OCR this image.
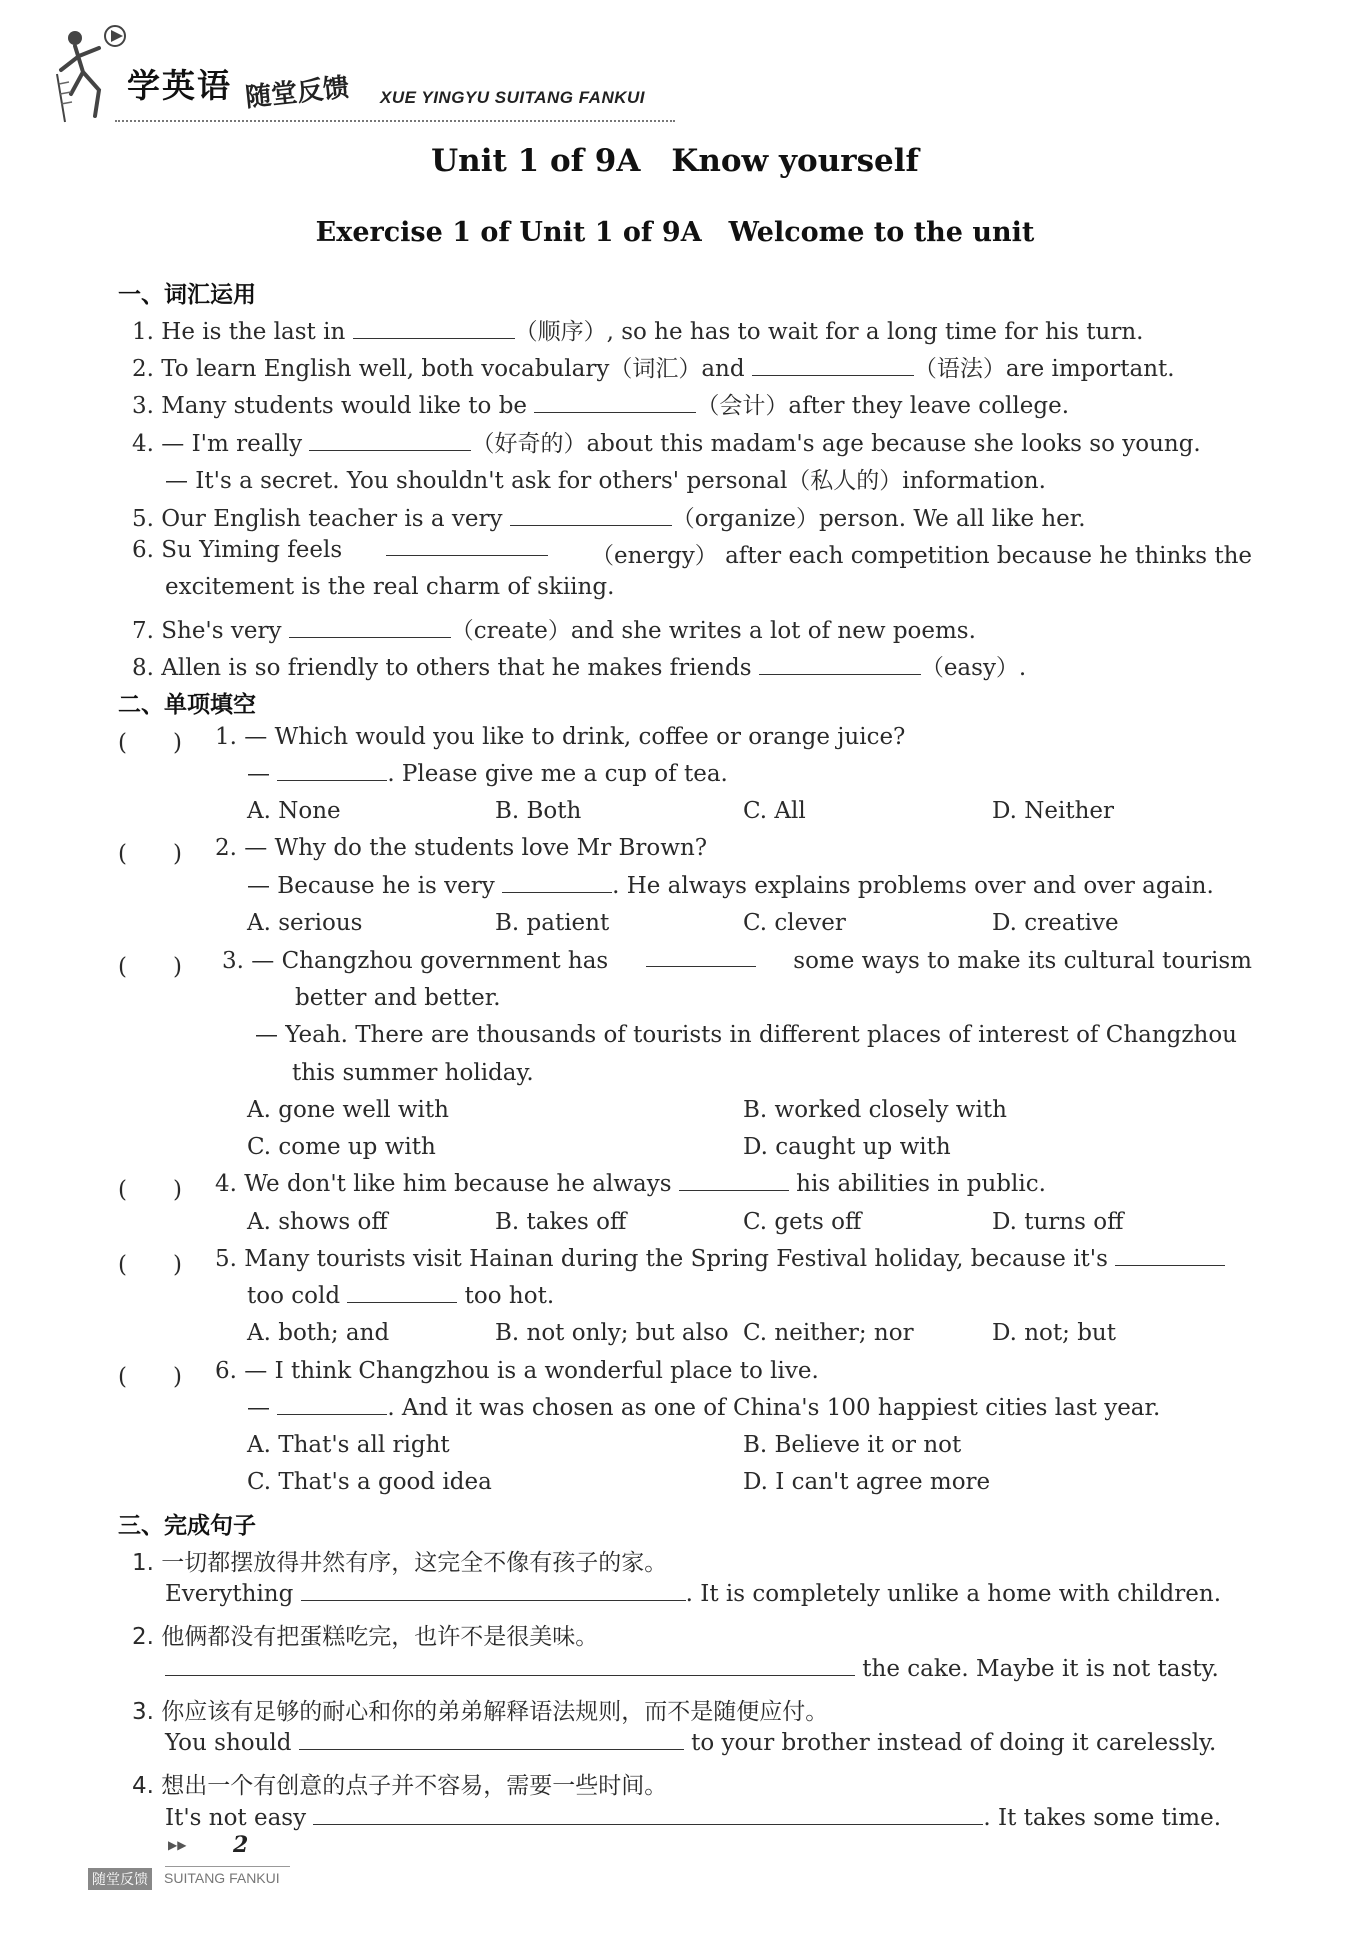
学英语 随堂反馈 XUE YINGYU SUITANG FANKUI
Unit 1 of 9A　Know yourself
Exercise 1 of Unit 1 of 9A　Welcome to the unit
一、词汇运用
1. He is the last in	（顺序）, so he has to wait for a long time for his turn.
2. To learn English well, both vocabulary（词汇）and	（语法）are important.
3. Many students would like to be	（会计）after they leave college.
4. — I'm really	（好奇的）about this madam's age because she looks so young.
— It's a secret. You shouldn't ask for others' personal（私人的）information.
5. Our English teacher is a very	（organize）person. We all like her.
6. Su Yiming feels	（energy） after each competition because he thinks the
excitement is the real charm of skiing.
7. She's very	（create）and she writes a lot of new poems.
8. Allen is so friendly to others that he makes friends	（easy）.
二、单项填空
(　　) 1. — Which would you like to drink, coffee or orange juice?
—	. Please give me a cup of tea.
A. None	B. Both	C. All	D. Neither
(　　) 2. — Why do the students love Mr Brown?
— Because he is very	. He always explains problems over and over again.
A. serious	B. patient	C. clever	D. creative
(　　) 3. — Changzhou government has	some ways to make its cultural tourism
better and better.
— Yeah. There are thousands of tourists in different places of interest of Changzhou
this summer holiday.
A. gone well with	B. worked closely with
C. come up with	D. caught up with
(　　) 4. We don't like him because he always	his abilities in public.
A. shows off	B. takes off	C. gets off	D. turns off
(　　) 5. Many tourists visit Hainan during the Spring Festival holiday, because it's
too cold	too hot.
A. both; and	B. not only; but also C. neither; nor	D. not; but
(　　) 6. — I think Changzhou is a wonderful place to live.
—	. And it was chosen as one of China's 100 happiest cities last year.
A. That's all right	B. Believe it or not
C. That's a good idea	D. I can't agree more
三、完成句子
1. 一切都摆放得井然有序，这完全不像有孩子的家。
Everything	. It is completely unlike a home with children.
2. 他俩都没有把蛋糕吃完，也许不是很美味。
the cake. Maybe it is not tasty.
3. 你应该有足够的耐心和你的弟弟解释语法规则，而不是随便应付。
You should	to your brother instead of doing it carelessly.
4. 想出一个有创意的点子并不容易，需要一些时间。
It's not easy	. It takes some time.
▶▶ 2
随堂反馈 SUITANG FANKUI
